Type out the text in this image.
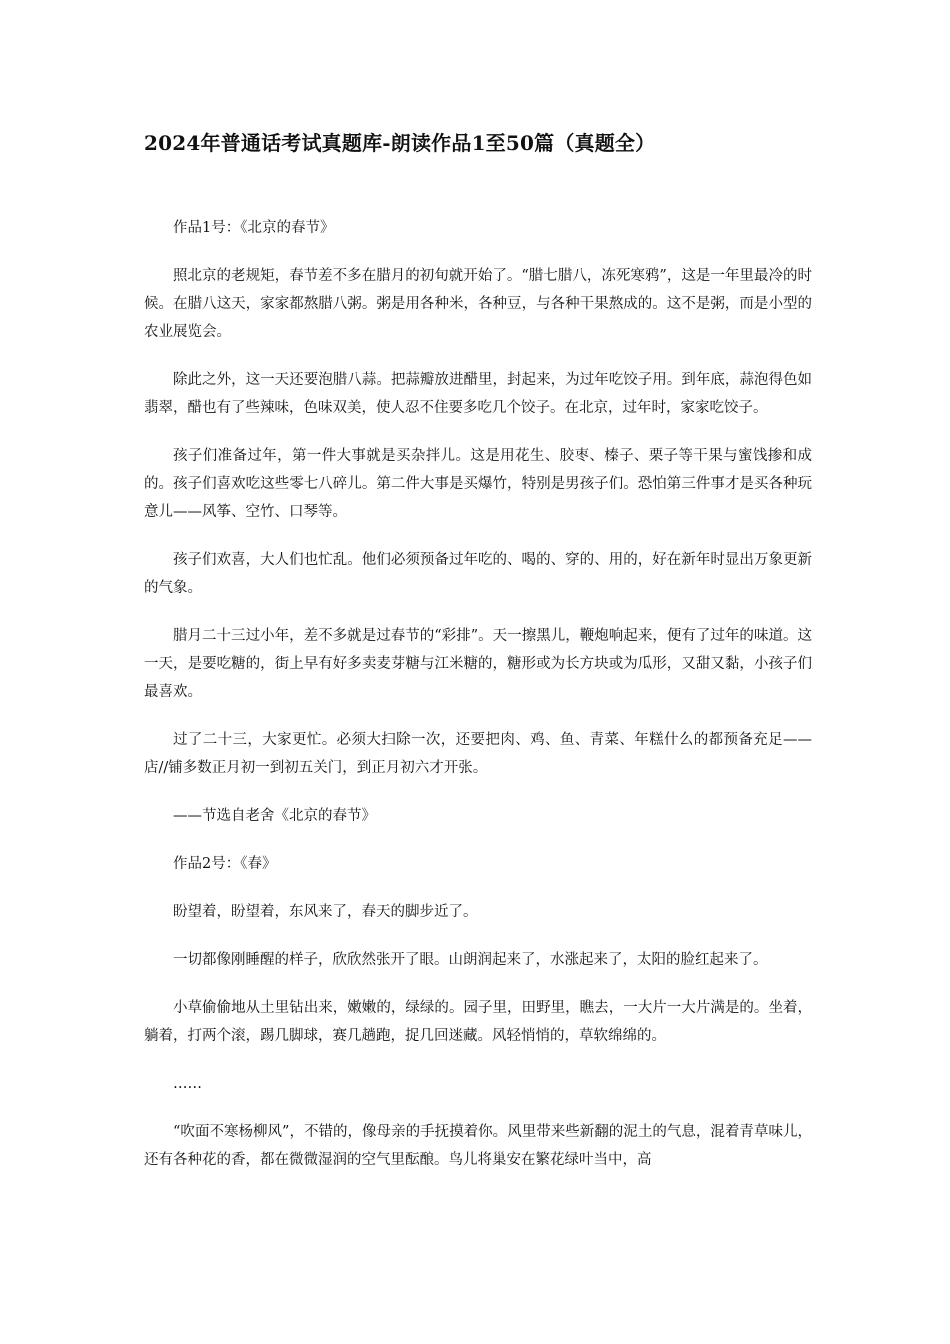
2024年普通话考试真题库-朗读作品1至50篇（真题全）

作品1号：《北京的春节》

照北京的老规矩，春节差不多在腊月的初旬就开始了。“腊七腊八，冻死寒鸦”，这是一年里最冷的时候。在腊八这天，家家都熬腊八粥。粥是用各种米，各种豆，与各种干果熬成的。这不是粥，而是小型的农业展览会。

除此之外，这一天还要泡腊八蒜。把蒜瓣放进醋里，封起来，为过年吃饺子用。到年底，蒜泡得色如翡翠，醋也有了些辣味，色味双美，使人忍不住要多吃几个饺子。在北京，过年时，家家吃饺子。

孩子们准备过年，第一件大事就是买杂拌儿。这是用花生、胶枣、榛子、栗子等干果与蜜饯掺和成的。孩子们喜欢吃这些零七八碎儿。第二件大事是买爆竹，特别是男孩子们。恐怕第三件事才是买各种玩意儿——风筝、空竹、口琴等。

孩子们欢喜，大人们也忙乱。他们必须预备过年吃的、喝的、穿的、用的，好在新年时显出万象更新的气象。

腊月二十三过小年，差不多就是过春节的“彩排”。天一擦黑儿，鞭炮响起来，便有了过年的味道。这一天，是要吃糖的，街上早有好多卖麦芽糖与江米糖的，糖形或为长方块或为瓜形，又甜又黏，小孩子们最喜欢。

过了二十三，大家更忙。必须大扫除一次，还要把肉、鸡、鱼、青菜、年糕什么的都预备充足——店//铺多数正月初一到初五关门，到正月初六才开张。

——节选自老舍《北京的春节》

作品2号：《春》

盼望着，盼望着，东风来了，春天的脚步近了。

一切都像刚睡醒的样子，欣欣然张开了眼。山朗润起来了，水涨起来了，太阳的脸红起来了。

小草偷偷地从土里钻出来，嫩嫩的，绿绿的。园子里，田野里，瞧去，一大片一大片满是的。坐着，躺着，打两个滚，踢几脚球，赛几趟跑，捉几回迷藏。风轻悄悄的，草软绵绵的。

……

“吹面不寒杨柳风”，不错的，像母亲的手抚摸着你。风里带来些新翻的泥土的气息，混着青草味儿，还有各种花的香，都在微微湿润的空气里酝酿。鸟儿将巢安在繁花绿叶当中，高
